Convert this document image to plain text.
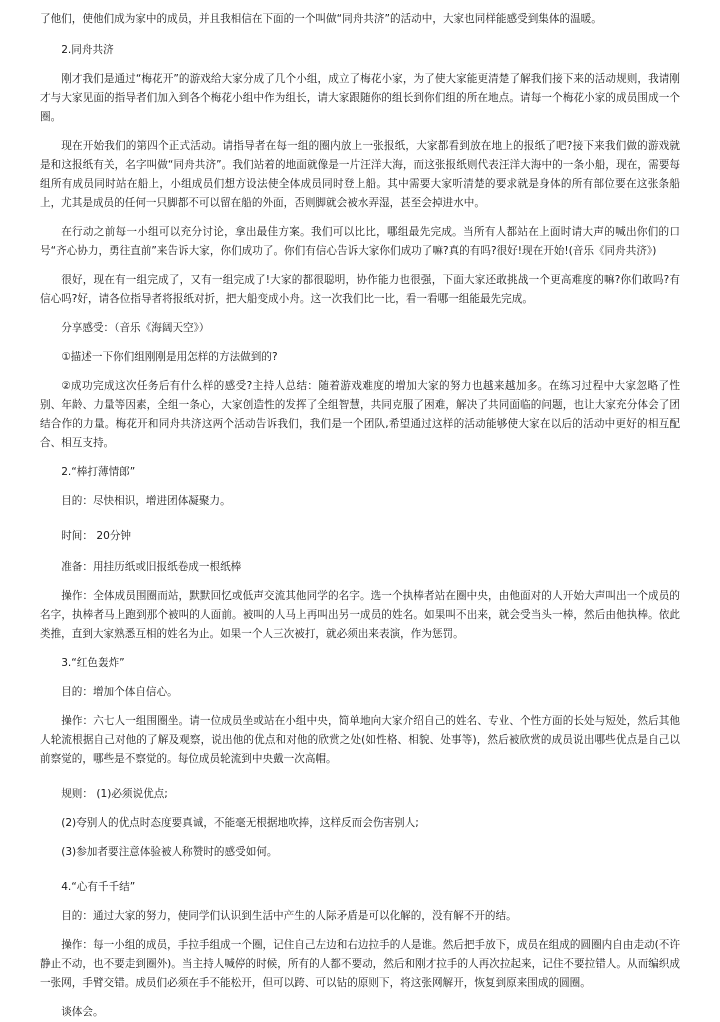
了他们，使他们成为家中的成员，并且我相信在下面的一个叫做“同舟共济”的活动中，大家也同样能感受到集体的温暖。

2.同舟共济

刚才我们是通过“梅花开”的游戏给大家分成了几个小组，成立了梅花小家，为了使大家能更清楚了解我们接下来的活动规则，我请刚才与大家见面的指导者们加入到各个梅花小组中作为组长，请大家跟随你的组长到你们组的所在地点。请每一个梅花小家的成员围成一个圈。

现在开始我们的第四个正式活动。请指导者在每一组的圈内放上一张报纸，大家都看到放在地上的报纸了吧?接下来我们做的游戏就是和这报纸有关，名字叫做“同舟共济”。我们站着的地面就像是一片汪洋大海，而这张报纸则代表汪洋大海中的一条小船，现在，需要每组所有成员同时站在船上，小组成员们想方设法使全体成员同时登上船。其中需要大家听清楚的要求就是身体的所有部位要在这张条船上，尤其是成员的任何一只脚都不可以留在船的外面，否则脚就会被水弄湿，甚至会掉进水中。

在行动之前每一小组可以充分讨论，拿出最佳方案。我们可以比比，哪组最先完成。当所有人都站在上面时请大声的喊出你们的口号“齐心协力，勇往直前”来告诉大家，你们成功了。你们有信心告诉大家你们成功了嘛?真的有吗?很好!现在开始!(音乐《同舟共济》)

很好，现在有一组完成了，又有一组完成了!大家的都很聪明，协作能力也很强，下面大家还敢挑战一个更高难度的嘛?你们敢吗?有信心吗?好，请各位指导者将报纸对折，把大船变成小舟。这一次我们比一比，看一看哪一组能最先完成。

分享感受：（音乐《海阔天空》）

①描述一下你们组刚刚是用怎样的方法做到的?

②成功完成这次任务后有什么样的感受?主持人总结：随着游戏难度的增加大家的努力也越来越加多。在练习过程中大家忽略了性别、年龄、力量等因素，全组一条心，大家创造性的发挥了全组智慧，共同克服了困难，解决了共同面临的问题，也让大家充分体会了团结合作的力量。梅花开和同舟共济这两个活动告诉我们，我们是一个团队,希望通过这样的活动能够使大家在以后的活动中更好的相互配合、相互支持。

2.“棒打薄情郎”

目的：尽快相识，增进团体凝聚力。

时间： 20分钟

准备：用挂历纸或旧报纸卷成一根纸棒

操作：全体成员围圈而站，默默回忆或低声交流其他同学的名字。选一个执棒者站在圈中央，由他面对的人开始大声叫出一个成员的名字，执棒者马上跑到那个被叫的人面前。被叫的人马上再叫出另一成员的姓名。如果叫不出来，就会受当头一棒，然后由他执棒。依此类推，直到大家熟悉互相的姓名为止。如果一个人三次被打，就必须出来表演，作为惩罚。

3.“红色轰炸”

目的：增加个体自信心。

操作：六七人一组围圈坐。请一位成员坐或站在小组中央，简单地向大家介绍自己的姓名、专业、个性方面的长处与短处，然后其他人轮流根据自己对他的了解及观察，说出他的优点和对他的欣赏之处(如性格、相貌、处事等)，然后被欣赏的成员说出哪些优点是自己以前察觉的，哪些是不察觉的。每位成员轮流到中央戴一次高帽。

规则： (1)必须说优点;

(2)夸别人的优点时态度要真诚，不能毫无根据地吹捧，这样反而会伤害别人;

(3)参加者要注意体验被人称赞时的感受如何。

4.“心有千千结”

目的：通过大家的努力，使同学们认识到生活中产生的人际矛盾是可以化解的，没有解不开的结。

操作：每一小组的成员，手拉手组成一个圈，记住自己左边和右边拉手的人是谁。然后把手放下，成员在组成的圆圈内自由走动(不许静止不动，也不要走到圈外)。当主持人喊停的时候，所有的人都不要动，然后和刚才拉手的人再次拉起来，记住不要拉错人。从而编织成一张网，手臂交错。成员们必须在手不能松开，但可以跨、可以钻的原则下，将这张网解开，恢复到原来围成的圆圈。

谈体会。
